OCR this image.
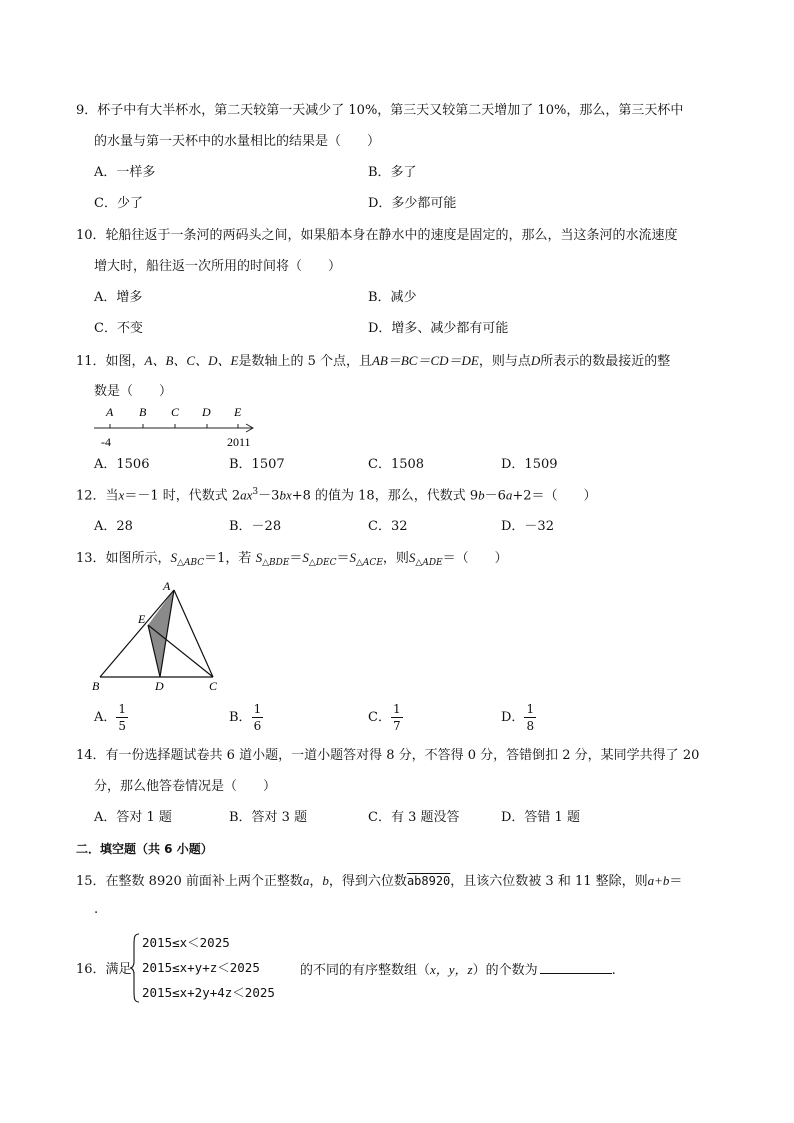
9．杯子中有大半杯水，第二天较第一天减少了 10%，第三天又较第二天增加了 10%，那么，第三天杯中
的水量与第一天杯中的水量相比的结果是（　　）
A．一样多	B．多了
C．少了	D．多少都可能
10．轮船往返于一条河的两码头之间，如果船本身在静水中的速度是固定的，那么，当这条河的水流速度
增大时，船往返一次所用的时间将（　　）
A．增多	B．减少
C．不变	D．增多、减少都有可能
11．如图，A、B、C、D、E是数轴上的 5 个点，且AB＝BC＝CD＝DE，则与点D所表示的数最接近的整
数是（　　）
A B C D E
-4	2011
A．1506	B．1507	C．1508	D．1509
12．当x＝－1 时，代数式 $2ax^3-3bx+8$ 的值为 18，那么，代数式 9b－6a+2＝（　　）
A．28	B．－28	C．32	D．－32
13．如图所示，$S_{\triangle ABC}=1$，若 $S_{\triangle BDE}=S_{\triangle DEC}=S_{\triangle ACE}$，则$S_{\triangle ADE}=$（　　）
A
E
B	D	C
A． $\frac{1}{5}$	B． $\frac{1}{6}$	C． $\frac{1}{7}$	D． $\frac{1}{8}$
14．有一份选择题试卷共 6 道小题，一道小题答对得 8 分，不答得 0 分，答错倒扣 2 分，某同学共得了 20
分，那么他答卷情况是（　　）
A．答对 1 题	B．答对 3 题	C．有 3 题没答	D．答错 1 题
二．填空题（共 6 小题）
15．在整数 8920 前面补上两个正整数a，b，得到六位数ab8920，且该六位数被 3 和 11 整除，则a+b＝
.
16．满足
2015≤x＜2025
2015≤x+y+z＜2025
2015≤x+2y+4z＜2025
的不同的有序整数组（x，y，z）的个数为	.
